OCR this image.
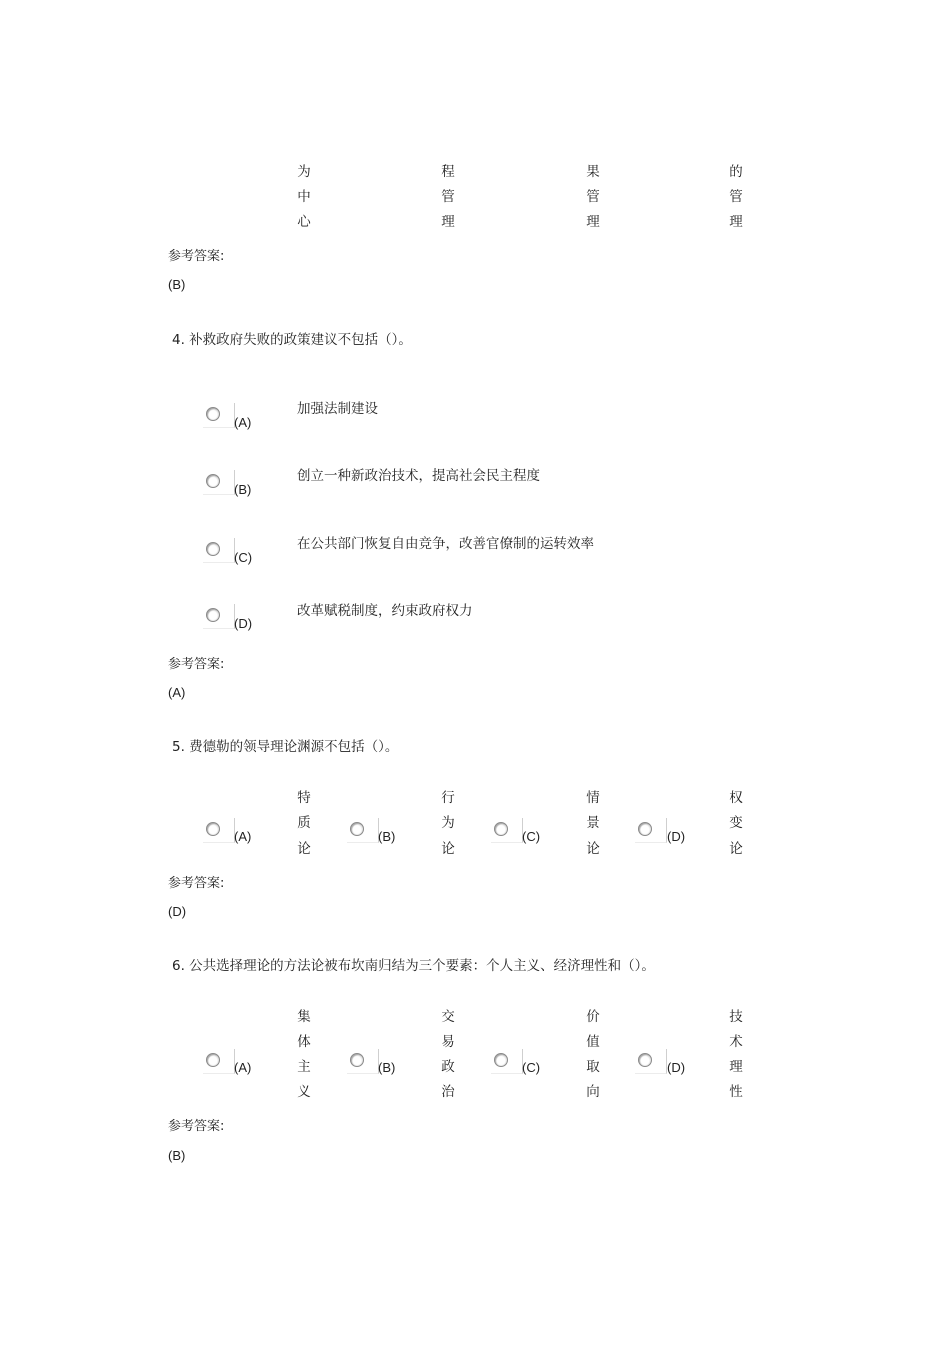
为
中
心
程
管
理
果
管
理
的
管
理
参考答案:
(B)
4. 补救政府失败的政策建议不包括（）。
(A)
加强法制建设
(B)
创立一种新政治技术，提高社会民主程度
(C)
在公共部门恢复自由竞争，改善官僚制的运转效率
(D)
改革赋税制度，约束政府权力
参考答案:
(A)
5. 费德勒的领导理论渊源不包括（）。
(A)
特
质
论
(B)
行
为
论
(C)
情
景
论
(D)
权
变
论
参考答案:
(D)
6. 公共选择理论的方法论被布坎南归结为三个要素：个人主义、经济理性和（）。
(A)
集
体
主
义
(B)
交
易
政
治
(C)
价
值
取
向
(D)
技
术
理
性
参考答案:
(B)
